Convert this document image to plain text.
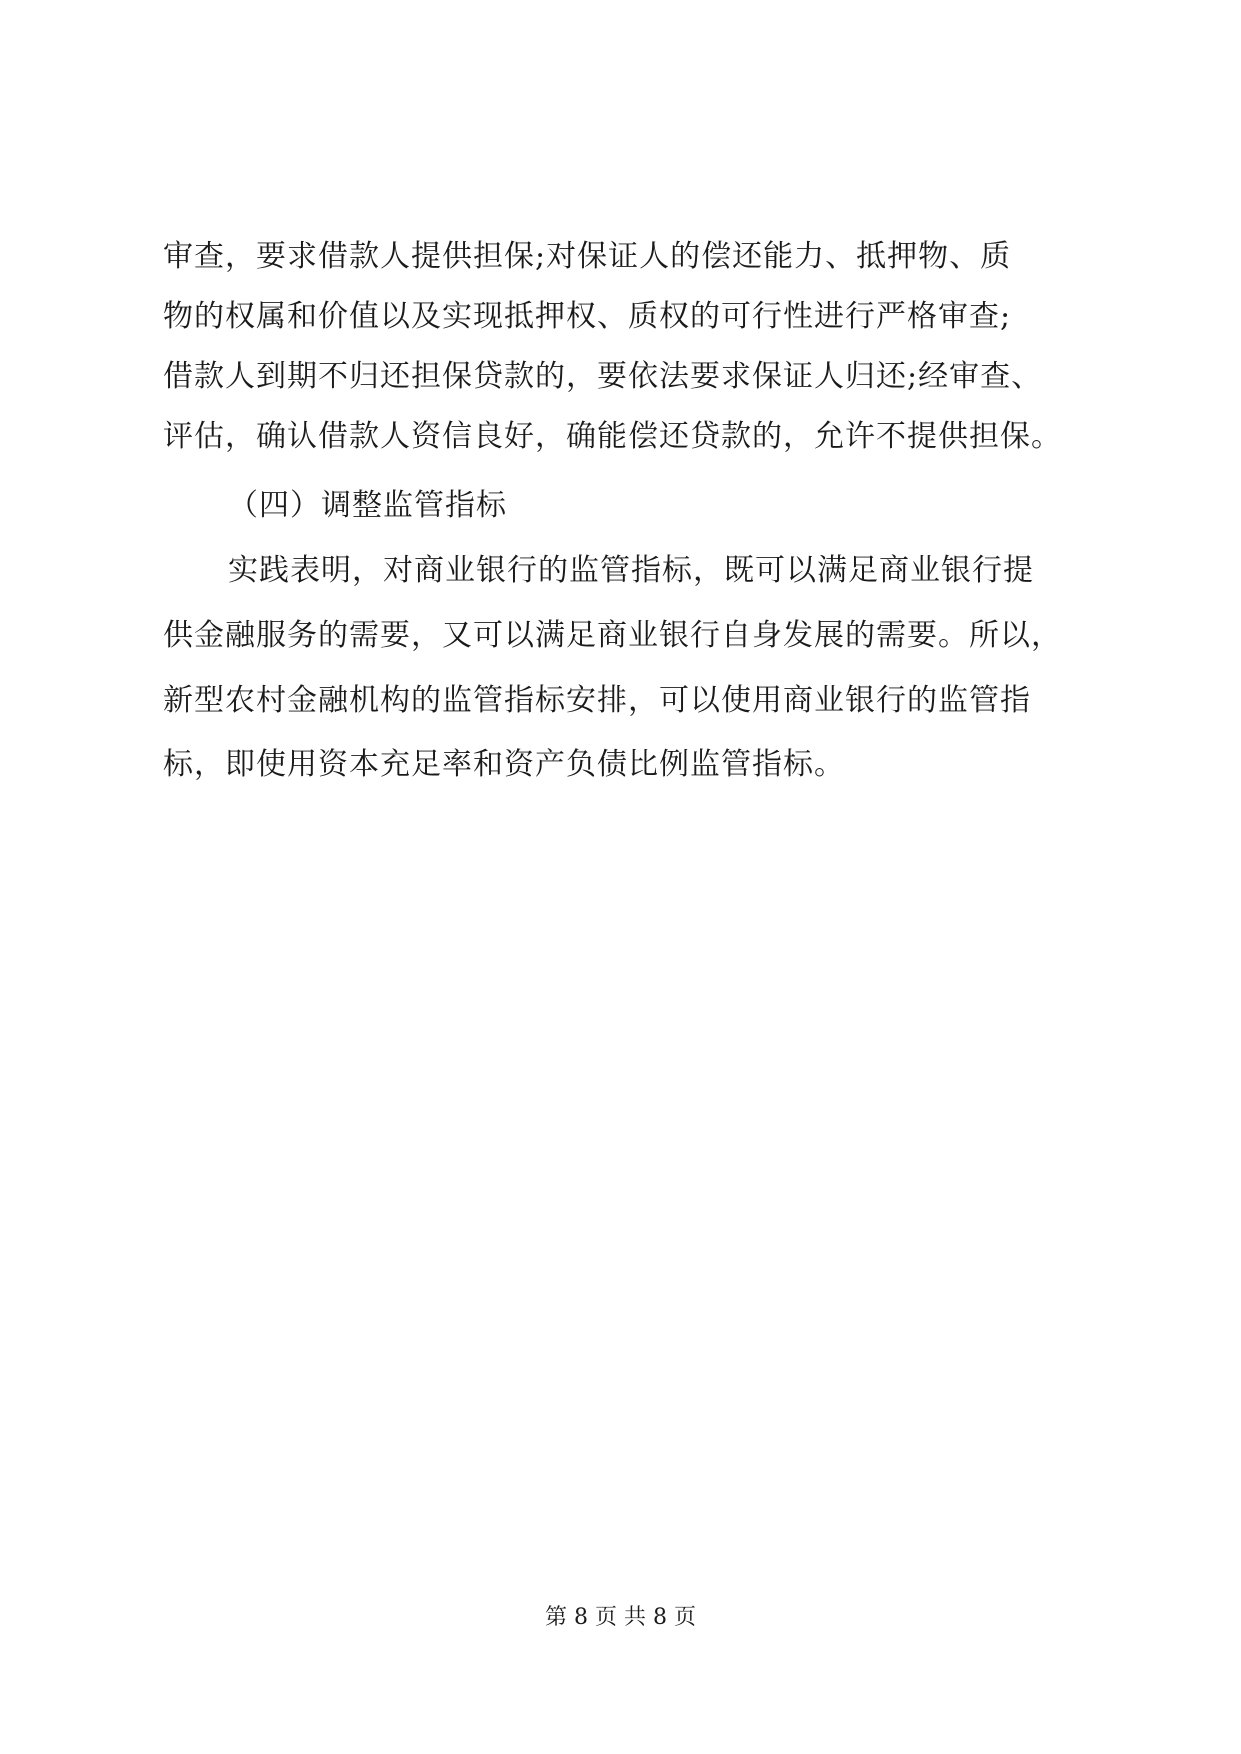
审查，要求借款人提供担保;对保证人的偿还能力、抵押物、质
物的权属和价值以及实现抵押权、质权的可行性进行严格审查;
借款人到期不归还担保贷款的，要依法要求保证人归还;经审查、
评估，确认借款人资信良好，确能偿还贷款的，允许不提供担保。
（四）调整监管指标
实践表明，对商业银行的监管指标，既可以满足商业银行提
供金融服务的需要，又可以满足商业银行自身发展的需要。所以，
新型农村金融机构的监管指标安排，可以使用商业银行的监管指
标，即使用资本充足率和资产负债比例监管指标。
第 8 页 共 8 页
